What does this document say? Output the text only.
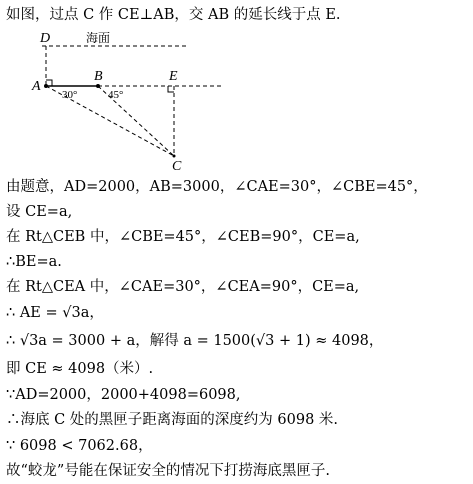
如图，过点 C 作 CE⊥AB，交 AB 的延长线于点 E.
D	海面
A
30°
B
45°
E
C
由题意，AD=2000，AB=3000，∠CAE=30°，∠CBE=45°，
设 CE=a,
在 Rt△CEB 中，∠CBE=45°，∠CEB=90°，CE=a,
∴BE=a.
在 Rt△CEA 中，∠CAE=30°，∠CEA=90°，CE=a,
∴ AE = √3a，
∴ √3a = 3000 + a，解得 a = 1500(√3 + 1) ≈ 4098，
即 CE ≈ 4098（米）.
∵AD=2000，2000+4098=6098,
∴海底 C 处的黑匣子距离海面的深度约为 6098 米.
∵ 6098 < 7062.68，
故“蛟龙”号能在保证安全的情况下打捞海底黑匣子.
